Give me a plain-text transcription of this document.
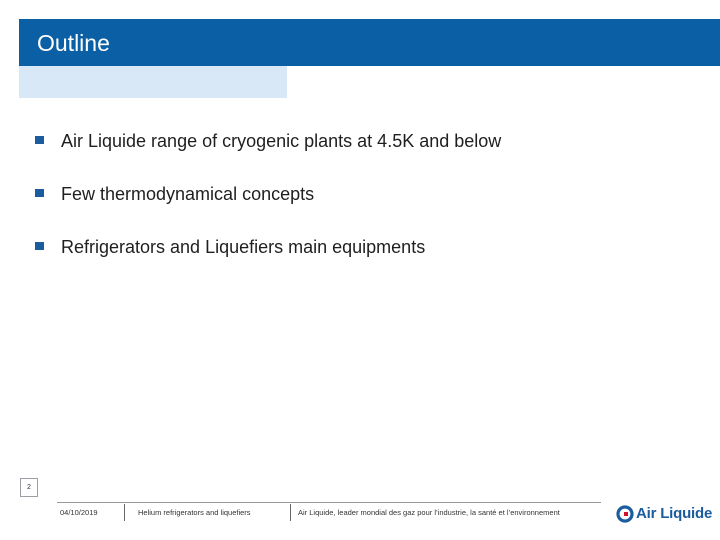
Outline
Air Liquide range of cryogenic plants at 4.5K and below
Few thermodynamical concepts
Refrigerators and Liquefiers main equipments
2
04/10/2019	Helium refrigerators and liquefiers	Air Liquide, leader mondial des gaz pour l’industrie, la santé et l’environnement	Air Liquide
